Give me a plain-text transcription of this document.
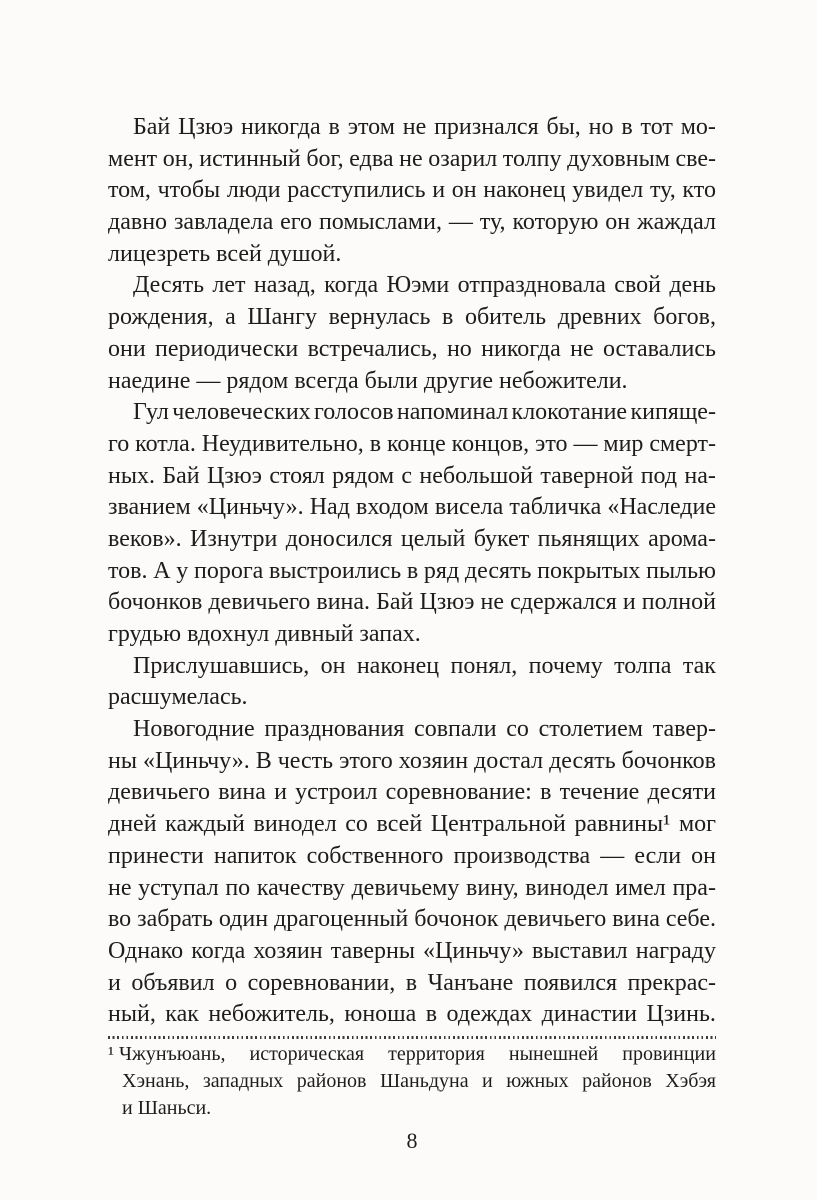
Бай Цзюэ никогда в этом не признался бы, но в тот мо-
мент он, истинный бог, едва не озарил толпу духовным све-
том, чтобы люди расступились и он наконец увидел ту, кто
давно завладела его помыслами, — ту, которую он жаждал
лицезреть всей душой.
Десять лет назад, когда Юэми отпраздновала свой день
рождения, а Шангу вернулась в обитель древних богов,
они периодически встречались, но никогда не оставались
наедине — рядом всегда были другие небожители.
Гул человеческих голосов напоминал клокотание кипяще-
го котла. Неудивительно, в конце концов, это — мир смерт-
ных. Бай Цзюэ стоял рядом с небольшой таверной под на-
званием «Циньчу». Над входом висела табличка «Наследие
веков». Изнутри доносился целый букет пьянящих арома-
тов. А у порога выстроились в ряд десять покрытых пылью
бочонков девичьего вина. Бай Цзюэ не сдержался и полной
грудью вдохнул дивный запах.
Прислушавшись, он наконец понял, почему толпа так
расшумелась.
Новогодние празднования совпали со столетием тавер-
ны «Циньчу». В честь этого хозяин достал десять бочонков
девичьего вина и устроил соревнование: в течение десяти
дней каждый винодел со всей Центральной равнины¹ мог
принести напиток собственного производства — если он
не уступал по качеству девичьему вину, винодел имел пра-
во забрать один драгоценный бочонок девичьего вина себе.
Однако когда хозяин таверны «Циньчу» выставил награду
и объявил о соревновании, в Чанъане появился прекрас-
ный, как небожитель, юноша в одеждах династии Цзинь.
¹ Чжунъюань, историческая территория нынешней провинции
Хэнань, западных районов Шаньдуна и южных районов Хэбэя
и Шаньси.
8
